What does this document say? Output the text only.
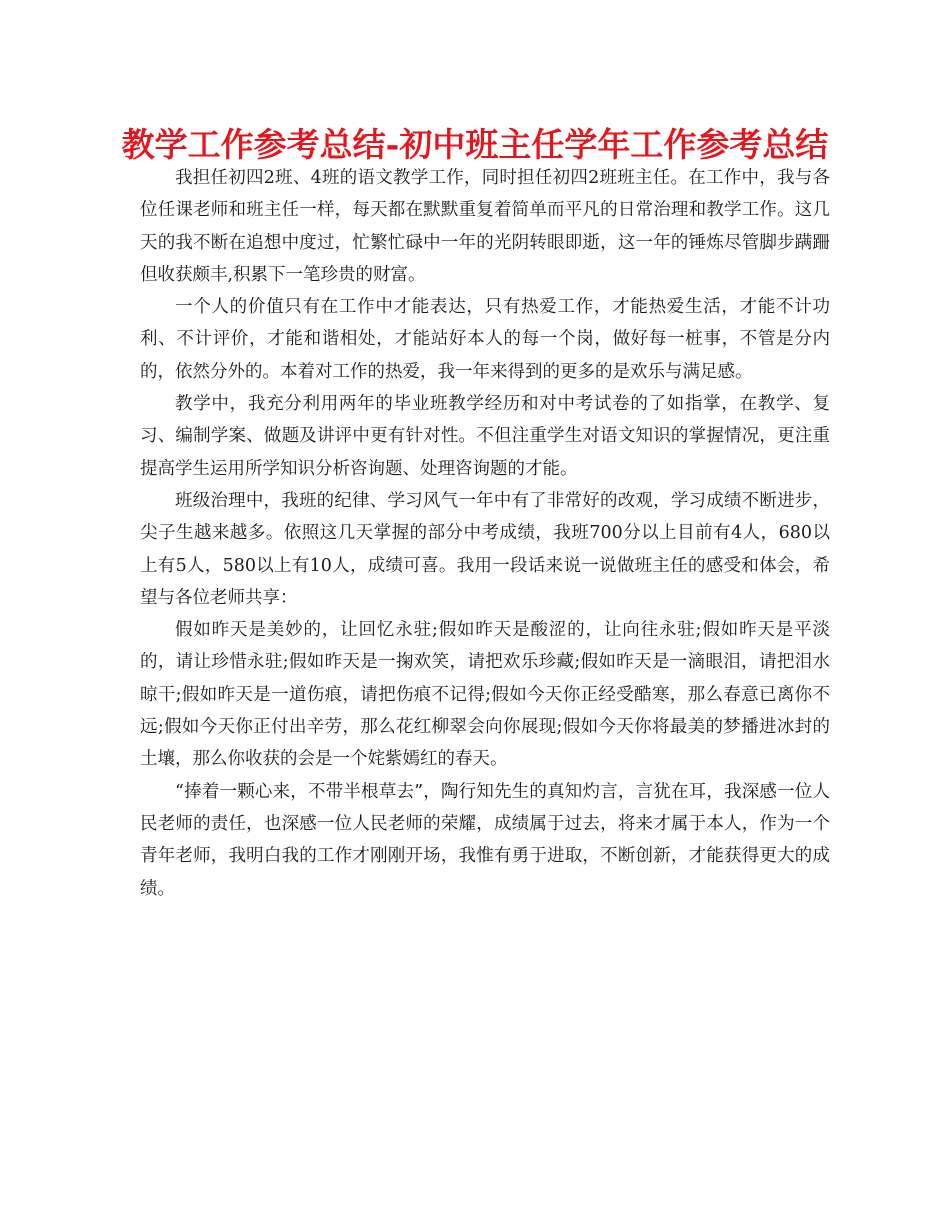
教学工作参考总结-初中班主任学年工作参考总结

我担任初四2班、4班的语文教学工作，同时担任初四2班班主任。在工作中，我与各位任课老师和班主任一样，每天都在默默重复着简单而平凡的日常治理和教学工作。这几天的我不断在追想中度过，忙繁忙碌中一年的光阴转眼即逝，这一年的锤炼尽管脚步蹒跚但收获颇丰,积累下一笔珍贵的财富。

一个人的价值只有在工作中才能表达，只有热爱工作，才能热爱生活，才能不计功利、不计评价，才能和谐相处，才能站好本人的每一个岗，做好每一桩事，不管是分内的，依然分外的。本着对工作的热爱，我一年来得到的更多的是欢乐与满足感。

教学中，我充分利用两年的毕业班教学经历和对中考试卷的了如指掌，在教学、复习、编制学案、做题及讲评中更有针对性。不但注重学生对语文知识的掌握情况，更注重提高学生运用所学知识分析咨询题、处理咨询题的才能。

班级治理中，我班的纪律、学习风气一年中有了非常好的改观，学习成绩不断进步，尖子生越来越多。依照这几天掌握的部分中考成绩，我班700分以上目前有4人，680以上有5人，580以上有10人，成绩可喜。我用一段话来说一说做班主任的感受和体会，希望与各位老师共享：

假如昨天是美妙的，让回忆永驻;假如昨天是酸涩的，让向往永驻;假如昨天是平淡的，请让珍惜永驻;假如昨天是一掬欢笑，请把欢乐珍藏;假如昨天是一滴眼泪，请把泪水晾干;假如昨天是一道伤痕，请把伤痕不记得;假如今天你正经受酷寒，那么春意已离你不远;假如今天你正付出辛劳，那么花红柳翠会向你展现;假如今天你将最美的梦播进冰封的土壤，那么你收获的会是一个姹紫嫣红的春天。

“捧着一颗心来，不带半根草去”，陶行知先生的真知灼言，言犹在耳，我深感一位人民老师的责任，也深感一位人民老师的荣耀，成绩属于过去，将来才属于本人，作为一个青年老师，我明白我的工作才刚刚开场，我惟有勇于进取，不断创新，才能获得更大的成绩。
